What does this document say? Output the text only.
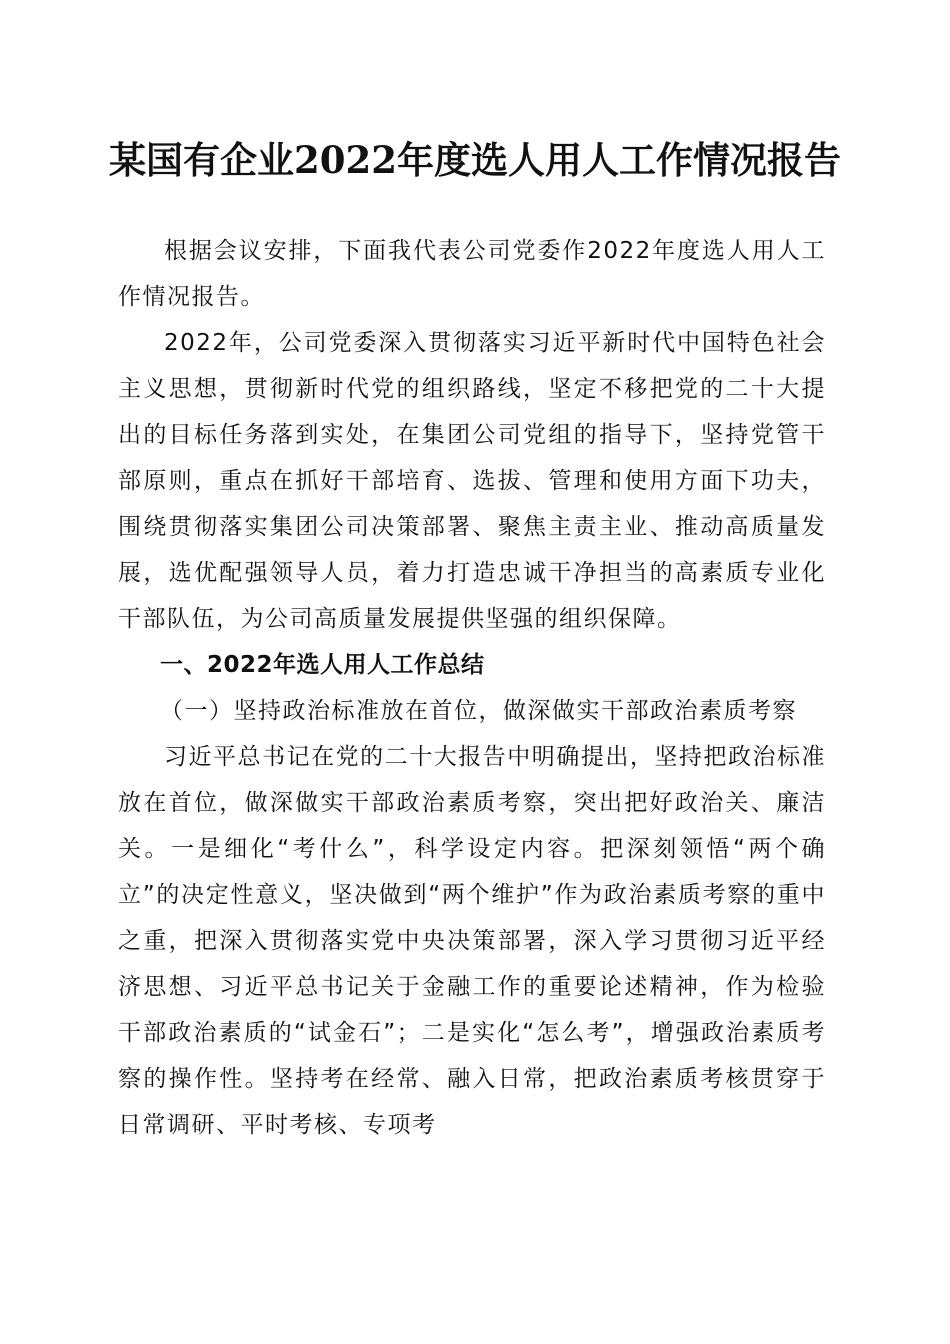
某国有企业2022年度选人用人工作情况报告

根据会议安排，下面我代表公司党委作2022年度选人用人工作情况报告。

2022年，公司党委深入贯彻落实习近平新时代中国特色社会主义思想，贯彻新时代党的组织路线，坚定不移把党的二十大提出的目标任务落到实处，在集团公司党组的指导下，坚持党管干部原则，重点在抓好干部培育、选拔、管理和使用方面下功夫，围绕贯彻落实集团公司决策部署、聚焦主责主业、推动高质量发展，选优配强领导人员，着力打造忠诚干净担当的高素质专业化干部队伍，为公司高质量发展提供坚强的组织保障。

一、2022年选人用人工作总结

（一）坚持政治标准放在首位，做深做实干部政治素质考察

习近平总书记在党的二十大报告中明确提出，坚持把政治标准放在首位，做深做实干部政治素质考察，突出把好政治关、廉洁关。一是细化“考什么”，科学设定内容。把深刻领悟“两个确立”的决定性意义，坚决做到“两个维护”作为政治素质考察的重中之重，把深入贯彻落实党中央决策部署，深入学习贯彻习近平经济思想、习近平总书记关于金融工作的重要论述精神，作为检验干部政治素质的“试金石”；二是实化“怎么考”，增强政治素质考察的操作性。坚持考在经常、融入日常，把政治素质考核贯穿于日常调研、平时考核、专项考
